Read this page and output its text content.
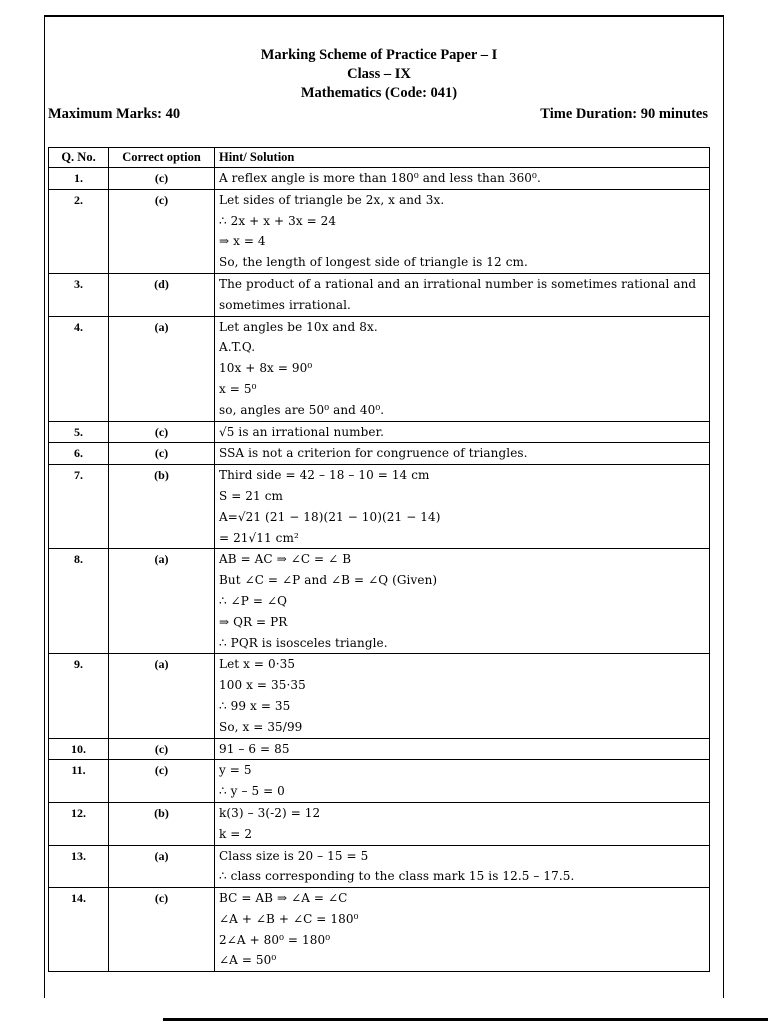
Marking Scheme of Practice Paper – I
Class – IX
Mathematics (Code: 041)
Maximum Marks: 40	Time Duration: 90 minutes
Q. No.	Correct option	Hint/ Solution
1.	(c)	A reflex angle is more than 180⁰ and less than 360⁰.

2.	(c)	Let sides of triangle be 2x, x and 3x.
∴ 2x + x + 3x = 24
⇒ x = 4
So, the length of longest side of triangle is 12 cm.

3.	(d)	The product of a rational and an irrational number is sometimes rational and sometimes irrational.

4.	(a)	Let angles be 10x and 8x.
A.T.Q.
10x + 8x = 90⁰
x = 5⁰
so, angles are 50⁰ and 40⁰.

5.	(c)	√5 is an irrational number.

6.	(c)	SSA is not a criterion for congruence of triangles.

7.	(b)	Third side = 42 – 18 – 10 = 14 cm
S = 21 cm
A=√21 (21 − 18)(21 − 10)(21 − 14)
= 21√11 cm²

8.	(a)	AB = AC ⇒ ∠C = ∠ B
But ∠C = ∠P and ∠B = ∠Q (Given)
∴ ∠P = ∠Q
⇒ QR = PR
∴ PQR is isosceles triangle.

9.	(a)	Let x = 0·35
100 x = 35·35
∴ 99 x = 35
So, x = 35/99

10.	(c)	91 – 6 = 85

11.	(c)	y = 5
∴ y – 5 = 0

12.	(b)	k(3) – 3(-2) = 12
k = 2

13.	(a)	Class size is 20 – 15 = 5
∴ class corresponding to the class mark 15 is 12.5 – 17.5.

14.	(c)	BC = AB ⇒ ∠A = ∠C
∠A + ∠B + ∠C = 180⁰
2∠A + 80⁰ = 180⁰
∠A = 50⁰
